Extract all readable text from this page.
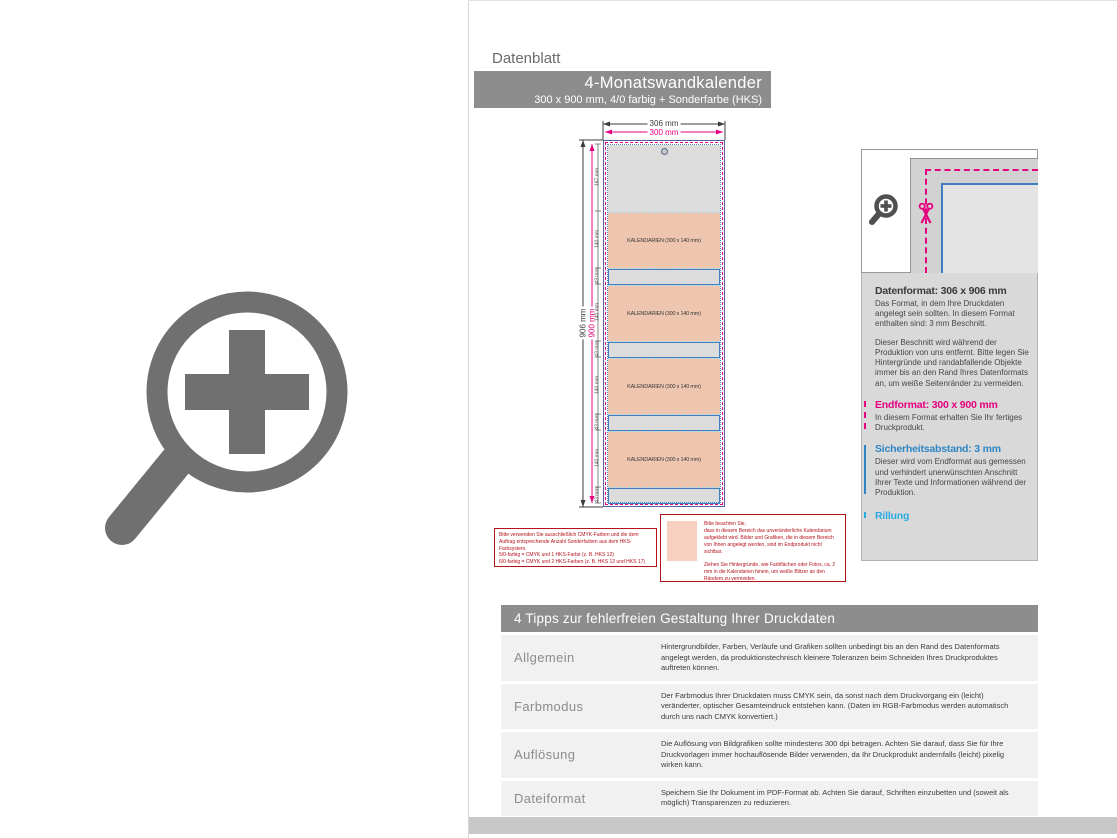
Datenblatt
4-Monatswandkalender
300 x 900 mm, 4/0 farbig + Sonderfarbe (HKS)
306 mm
300 mm
906 mm 900 mm
167 mm
140 mm
43 mm
140 mm
43 mm
140 mm
43 mm
140 mm
43 mm
KALENDARIEN (300 x 140 mm)
KALENDARIEN (300 x 140 mm)
KALENDARIEN (300 x 140 mm)
KALENDARIEN (300 x 140 mm)
Datenformat: 306 x 906 mm

Das Format, in dem Ihre Druckdaten angelegt sein sollten. In diesem Format enthalten sind: 3 mm Beschnitt.

Dieser Beschnitt wird während der Produktion von uns entfernt. Bitte legen Sie Hintergründe und randabfallende Objekte immer bis an den Rand Ihres Datenformats an, um weiße Seitenränder zu vermeiden.

Endformat: 300 x 900 mm

In diesem Format erhalten Sie Ihr fertiges Druckprodukt.

Sicherheitsabstand: 3 mm

Dieser wird vom Endformat aus gemessen und verhindert unerwünschten Anschnitt Ihrer Texte und Informationen während der Produktion.

Rillung
Bitte verwenden Sie ausschließlich CMYK-Farben und die dem Auftrag entsprechende Anzahl Sonderfarben aus dem HKS-Farbsystem.
5/0-farbig = CMYK und 1 HKS-Farbe (z. B. HKS 12)
6/0-farbig = CMYK und 2 HKS-Farben (z. B. HKS 12 und HKS 17)
Bitte beachten Sie,
dass in diesem Bereich das unveränderliche Kalendarium aufgeklebt wird. Bilder und Grafiken, die in diesem Bereich von Ihnen angelegt werden, sind im Endprodukt nicht sichtbar.
Ziehen Sie Hintergründe, wie Farbflächen oder Fotos, ca. 2 mm in die Kalendarien hinein, um weiße Blitzer an den Rändern zu vermeiden.
4 Tipps zur fehlerfreien Gestaltung Ihrer Druckdaten
Allgemein
Hintergrundbilder, Farben, Verläufe und Grafiken sollten unbedingt bis an den Rand des Datenformats angelegt werden, da produktionstechnisch kleinere Toleranzen beim Schneiden Ihres Druckproduktes auftreten können.
Farbmodus
Der Farbmodus Ihrer Druckdaten muss CMYK sein, da sonst nach dem Druckvorgang ein (leicht) veränderter, optischer Gesamteindruck entstehen kann. (Daten im RGB-Farbmodus werden automatisch durch uns nach CMYK konvertiert.)
Auflösung
Die Auflösung von Bildgrafiken sollte mindestens 300 dpi betragen. Achten Sie darauf, dass Sie für Ihre Druckvorlagen immer hochauflösende Bilder verwenden, da Ihr Druckprodukt andernfalls (leicht) pixelig wirken kann.
Dateiformat	Speichern Sie Ihr Dokument im PDF-Format ab. Achten Sie darauf, Schriften einzubetten und (soweit als möglich) Transparenzen zu reduzieren.
